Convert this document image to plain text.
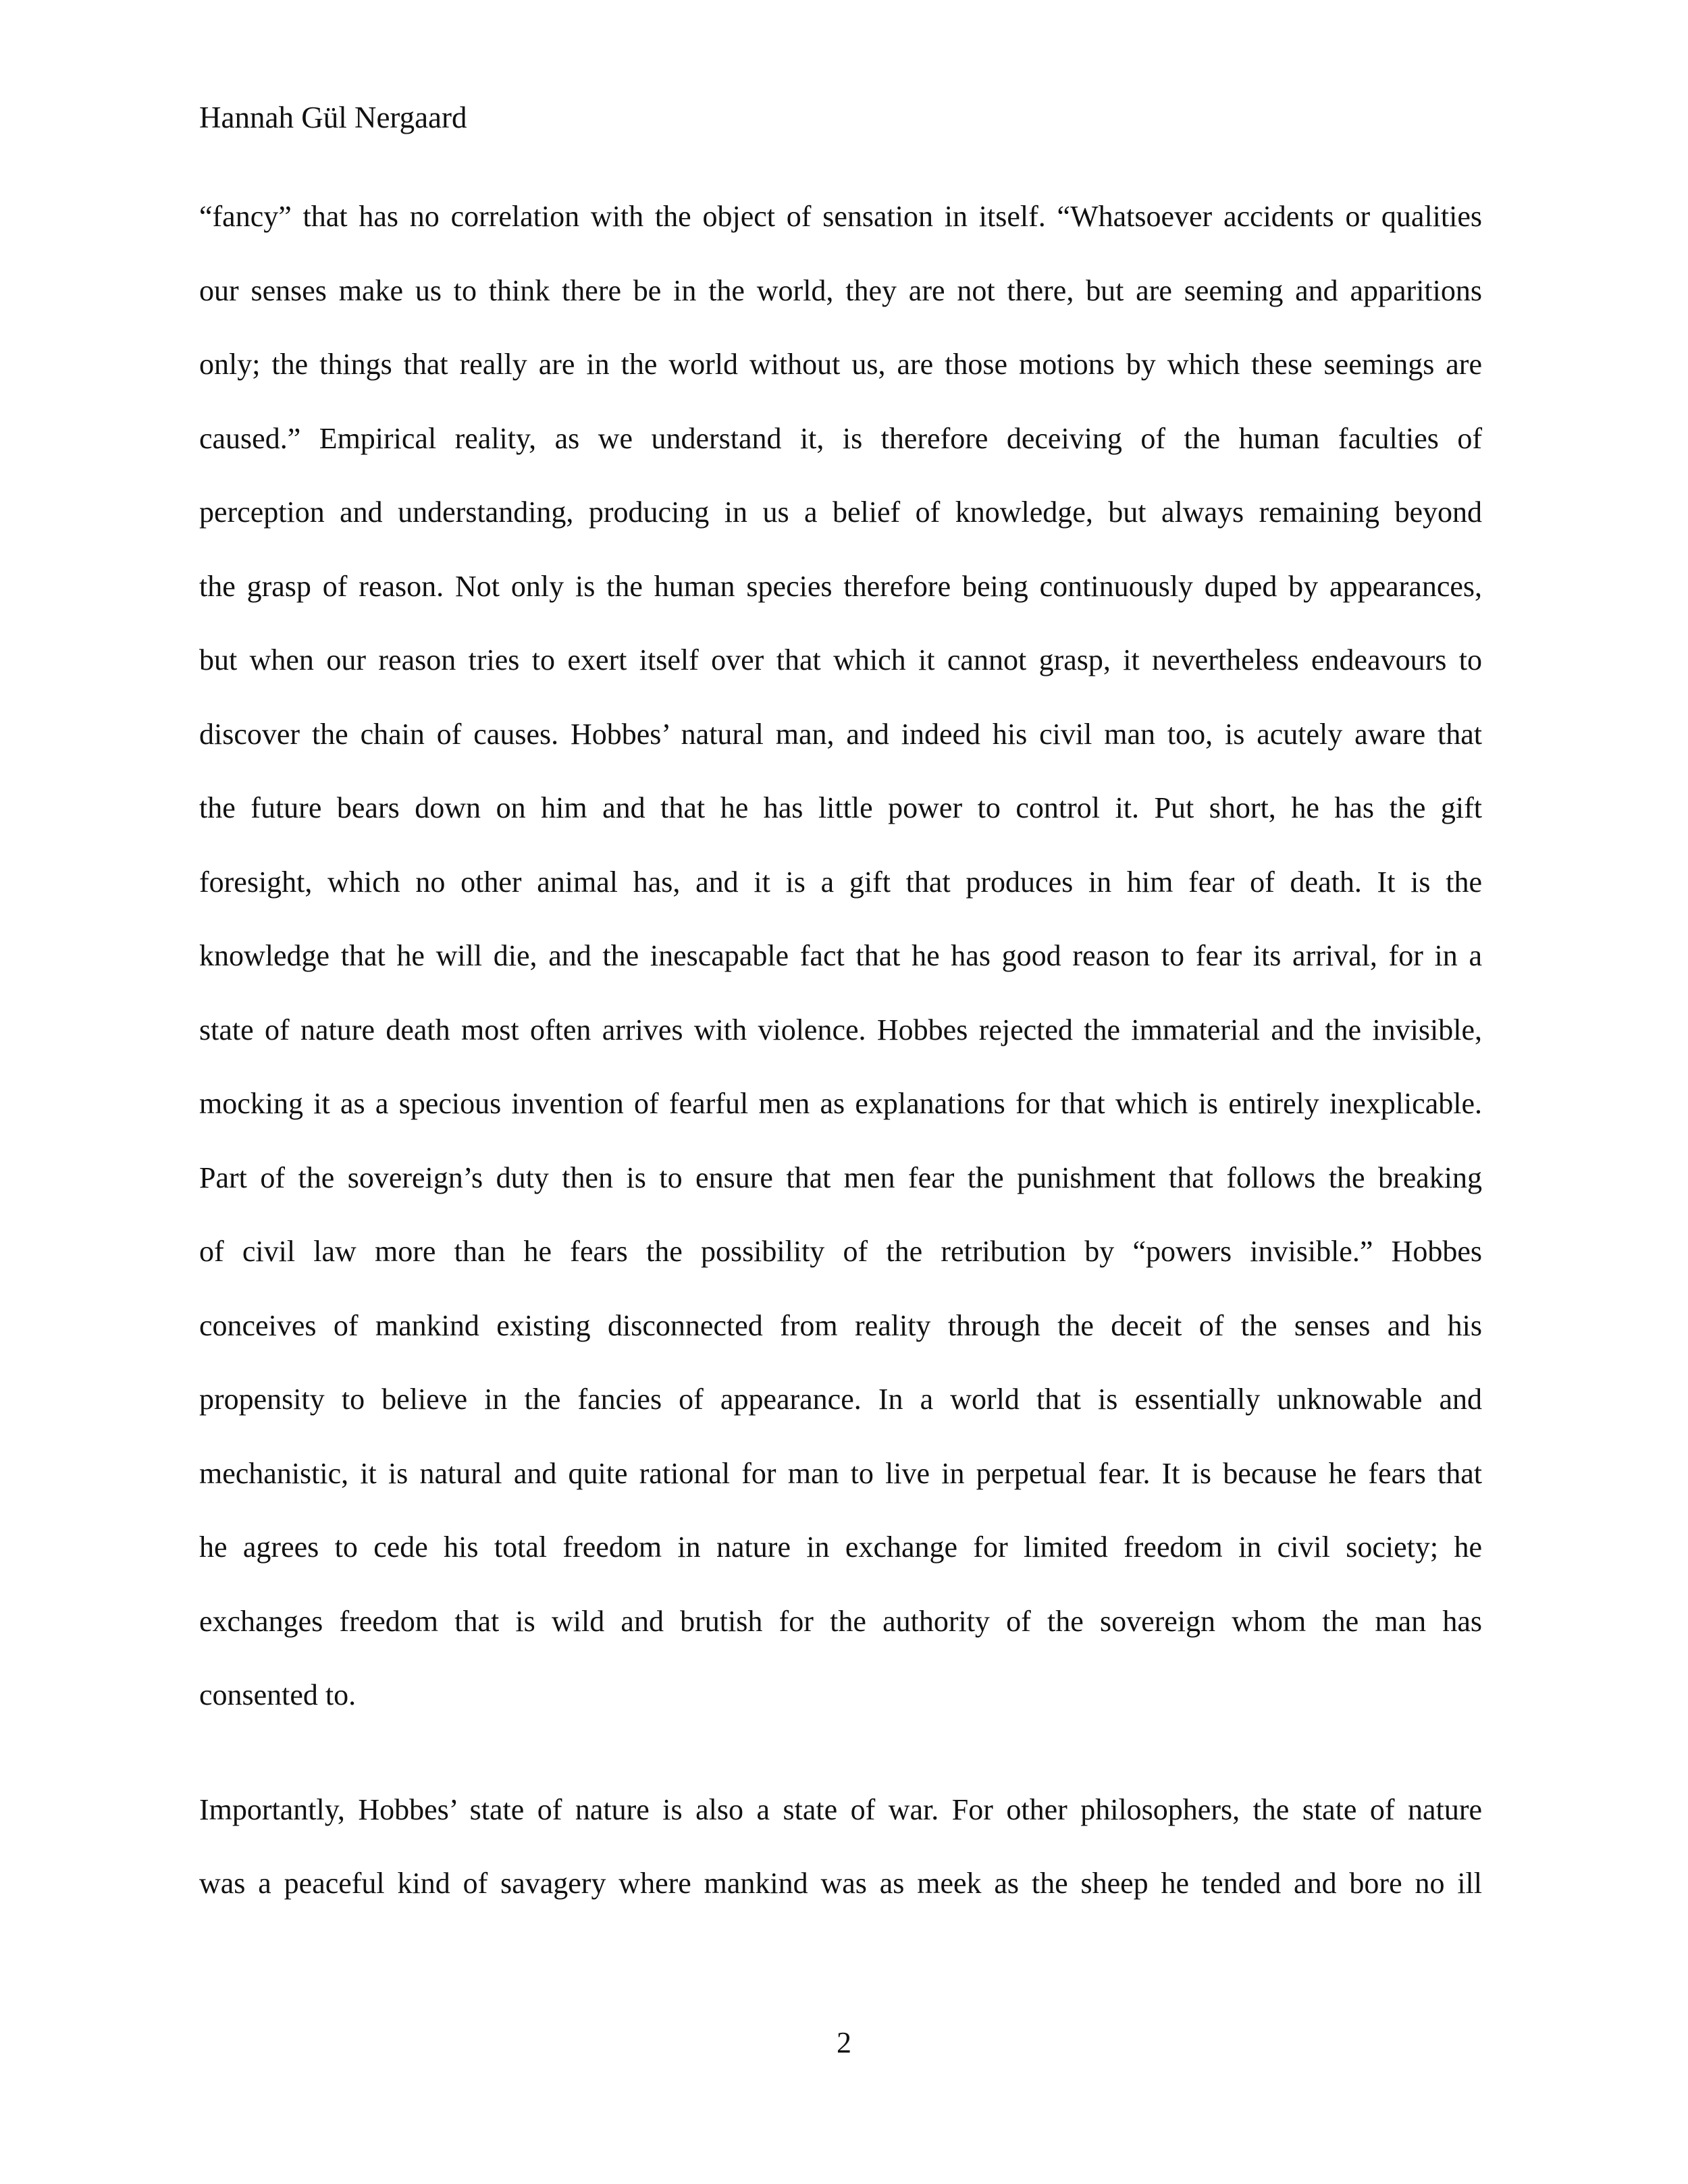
Hannah Gül Nergaard
“fancy” that has no correlation with the object of sensation in itself. “Whatsoever accidents or qualities
our senses make us to think there be in the world, they are not there, but are seeming and apparitions
only; the things that really are in the world without us, are those motions by which these seemings are
caused.” Empirical reality, as we understand it, is therefore deceiving of the human faculties of
perception and understanding, producing in us a belief of knowledge, but always remaining beyond
the grasp of reason. Not only is the human species therefore being continuously duped by appearances,
but when our reason tries to exert itself over that which it cannot grasp, it nevertheless endeavours to
discover the chain of causes. Hobbes’ natural man, and indeed his civil man too, is acutely aware that
the future bears down on him and that he has little power to control it. Put short, he has the gift
foresight, which no other animal has, and it is a gift that produces in him fear of death. It is the
knowledge that he will die, and the inescapable fact that he has good reason to fear its arrival, for in a
state of nature death most often arrives with violence. Hobbes rejected the immaterial and the invisible,
mocking it as a specious invention of fearful men as explanations for that which is entirely inexplicable.
Part of the sovereign’s duty then is to ensure that men fear the punishment that follows the breaking
of civil law more than he fears the possibility of the retribution by “powers invisible.” Hobbes
conceives of mankind existing disconnected from reality through the deceit of the senses and his
propensity to believe in the fancies of appearance. In a world that is essentially unknowable and
mechanistic, it is natural and quite rational for man to live in perpetual fear. It is because he fears that
he agrees to cede his total freedom in nature in exchange for limited freedom in civil society; he
exchanges freedom that is wild and brutish for the authority of the sovereign whom the man has
consented to.
Importantly, Hobbes’ state of nature is also a state of war. For other philosophers, the state of nature
was a peaceful kind of savagery where mankind was as meek as the sheep he tended and bore no ill
2
